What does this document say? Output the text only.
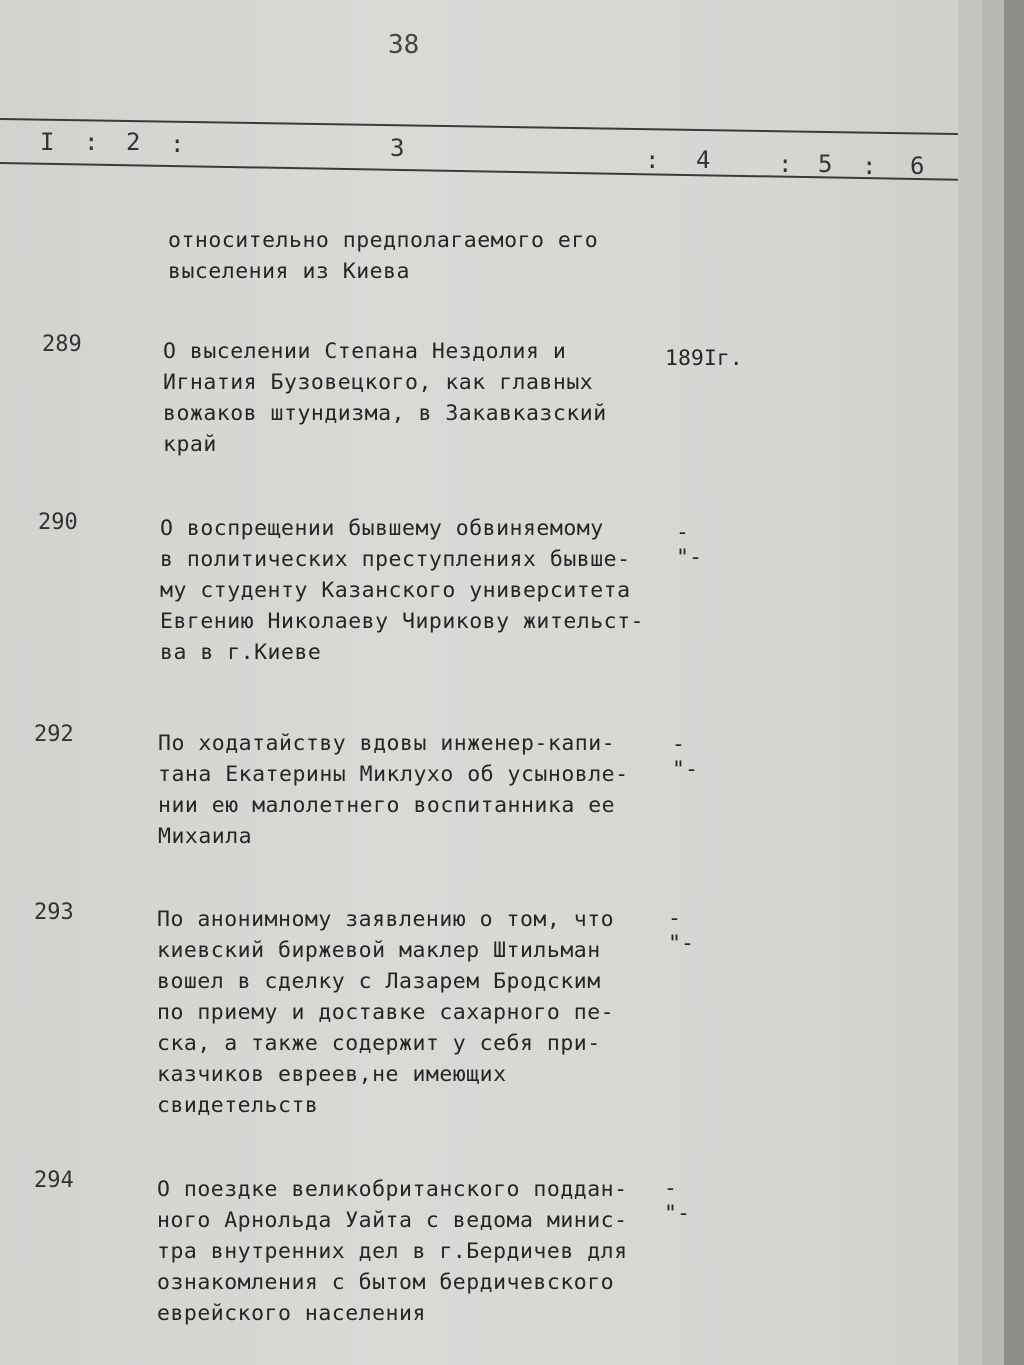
38
I : 2 :	3	: 4	: 5 : 6
относительно предполагаемого его
выселения из Киева
289	О выселении Степана Нездолия и
Игнатия Бузовецкого, как главных
вожаков штундизма, в Закавказский
край
189Iг.
290	О воспрещении бывшему обвиняемому
в политических преступлениях бывше-
му студенту Казанского университета
Евгению Николаеву Чирикову жительст-
ва в г.Киеве
-"-
292	По ходатайству вдовы инженер-капи-
тана Екатерины Миклухо об усыновле-
нии ею малолетнего воспитанника ее
Михаила
-"-
293	По анонимному заявлению о том, что
киевский биржевой маклер Штильман
вошел в сделку с Лазарем Бродским
по приему и доставке сахарного пе-
ска, а также содержит у себя при-
казчиков евреев,не имеющих
свидетельств
-"-
294	О поездке великобританского поддан-
ного Арнольда Уайта с ведома минис-
тра внутренних дел в г.Бердичев для
ознакомления с бытом бердичевского
еврейского населения
-"-
